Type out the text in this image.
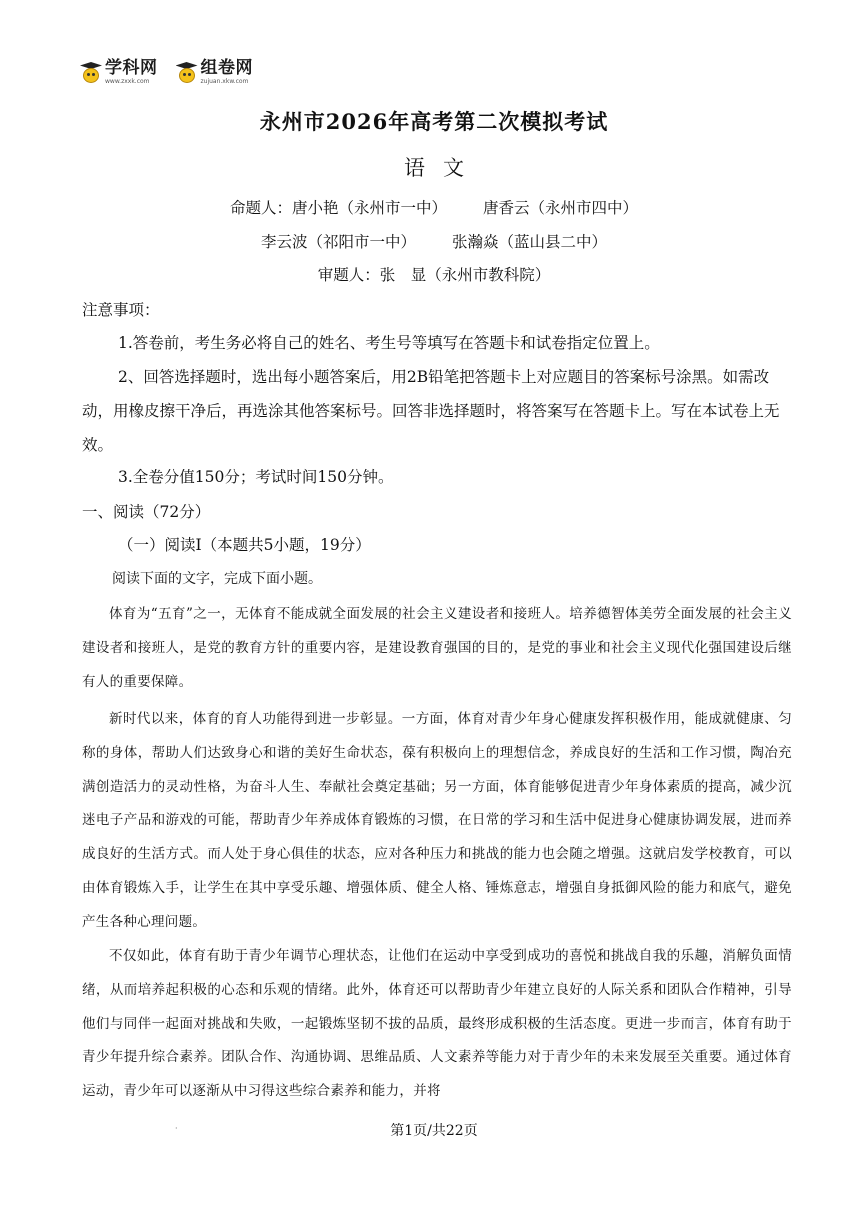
学科网
www.zxxk.com
组卷网
zujuan.xkw.com
永州市2026年高考第二次模拟考试
语文
命题人：唐小艳（永州市一中） 唐香云（永州市四中）
李云波（祁阳市一中） 张瀚焱（蓝山县二中）
审题人：张　显（永州市教科院）
注意事项：
1.答卷前，考生务必将自己的姓名、考生号等填写在答题卡和试卷指定位置上。
2、回答选择题时，选出每小题答案后，用2B铅笔把答题卡上对应题目的答案标号涂黑。如需改动，用橡皮擦干净后，再选涂其他答案标号。回答非选择题时，将答案写在答题卡上。写在本试卷上无效。
3.全卷分值150分；考试时间150分钟。
一、阅读（72分）
（一）阅读Ⅰ（本题共5小题，19分）
阅读下面的文字，完成下面小题。
体育为“五育”之一，无体育不能成就全面发展的社会主义建设者和接班人。培养德智体美劳全面发展的社会主义建设者和接班人，是党的教育方针的重要内容，是建设教育强国的目的，是党的事业和社会主义现代化强国建设后继有人的重要保障。
新时代以来，体育的育人功能得到进一步彰显。一方面，体育对青少年身心健康发挥积极作用，能成就健康、匀称的身体，帮助人们达致身心和谐的美好生命状态，葆有积极向上的理想信念，养成良好的生活和工作习惯，陶冶充满创造活力的灵动性格，为奋斗人生、奉献社会奠定基础；另一方面，体育能够促进青少年身体素质的提高，减少沉迷电子产品和游戏的可能，帮助青少年养成体育锻炼的习惯，在日常的学习和生活中促进身心健康协调发展，进而养成良好的生活方式。而人处于身心俱佳的状态，应对各种压力和挑战的能力也会随之增强。这就启发学校教育，可以由体育锻炼入手，让学生在其中享受乐趣、增强体质、健全人格、锤炼意志，增强自身抵御风险的能力和底气，避免产生各种心理问题。
不仅如此，体育有助于青少年调节心理状态，让他们在运动中享受到成功的喜悦和挑战自我的乐趣，消解负面情绪，从而培养起积极的心态和乐观的情绪。此外，体育还可以帮助青少年建立良好的人际关系和团队合作精神，引导他们与同伴一起面对挑战和失败，一起锻炼坚韧不拔的品质，最终形成积极的生活态度。更进一步而言，体育有助于青少年提升综合素养。团队合作、沟通协调、思维品质、人文素养等能力对于青少年的未来发展至关重要。通过体育运动，青少年可以逐渐从中习得这些综合素养和能力，并将
·	第1页/共22页
